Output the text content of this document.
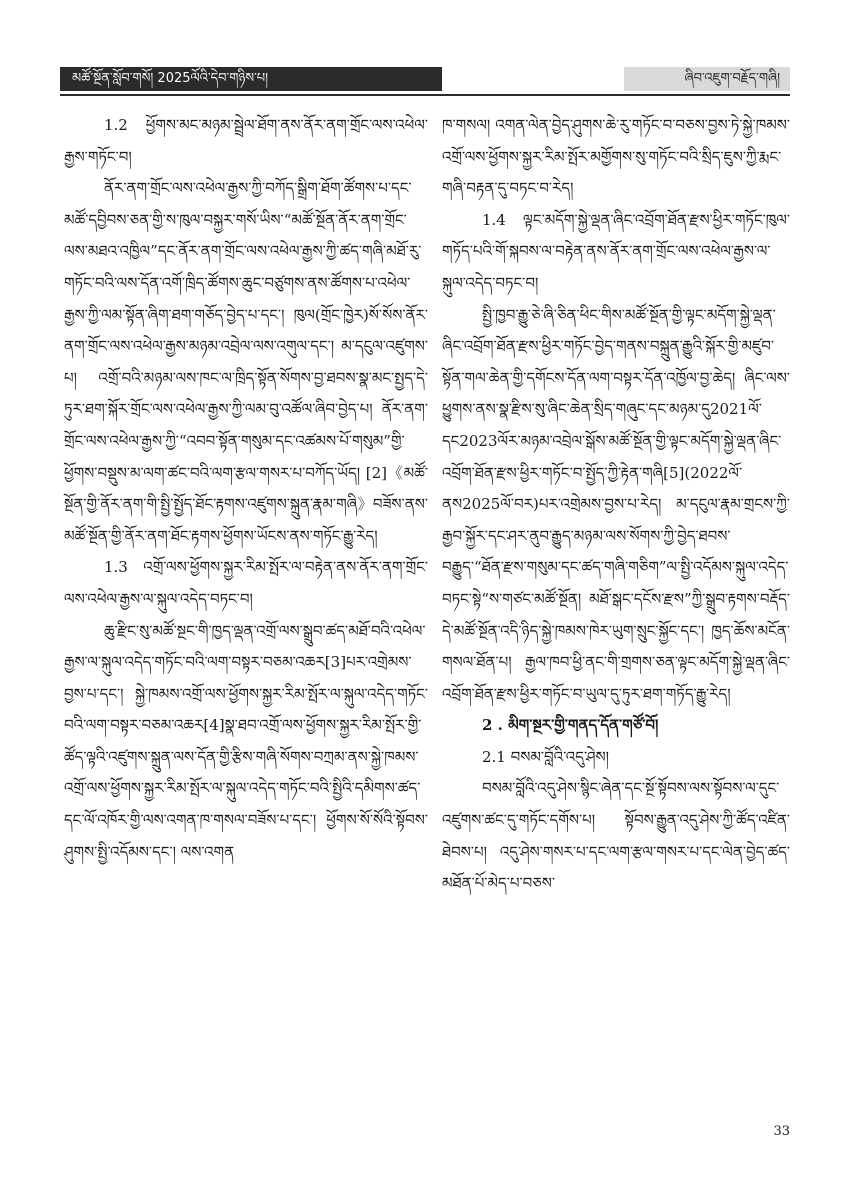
མཚོ་སྔོན་སློབ་གསོ། 2025ལོའི་དེབ་གཉིས་པ།	ཞིབ་འཇུག་བརྗོད་གཞི།

1.2 ཕྱོགས་མང་མཉམ་སྦྲེལ་ཐོག་ནས་ནོར་ནག་གྲོང་ལས་འཕེལ་རྒྱས་གཏོང་བ།

ནོར་ནག་གྲོང་ལས་འཕེལ་རྒྱས་ཀྱི་བཀོད་སྒྲིག་ཐོག་ཚོགས་པ་དང་མཚོ་དབྱིབས་ཅན་གྱི་ས་ཁུལ་བསྐྱར་གསོ་ཡིས་“མཚོ་སྔོན་ནོར་ནག་གྲོང་ལས་མཐའ་འཁྱིལ”དང་ནོར་ནག་གྲོང་ལས་འཕེལ་རྒྱས་ཀྱི་ཚད་གཞི་མཐོ་རུ་གཏོང་བའི་ལས་དོན་འགོ་ཁྲིད་ཚོགས་ཆུང་བཙུགས་ནས་ཚོགས་པ་འཕེལ་རྒྱས་ཀྱི་ལམ་སྟོན་ཞིག་ཐག་གཅོད་བྱེད་པ་དང་། ཁུལ(གྲོང་ཁྱེར)སོ་སོས་ནོར་ནག་གྲོང་ལས་འཕེལ་རྒྱས་མཉམ་འབྲེལ་ལས་འགུལ་དང་། མ་དངུལ་འཛུགས་པ། འགྲོ་བའི་མཉམ་ལས་ཁང་ལ་ཁྲིད་སྟོན་སོགས་བྱ་ཐབས་སྣ་མང་སྤྱད་དེ་ཏུར་ཐག་སྐོར་གྲོང་ལས་འཕེལ་རྒྱས་ཀྱི་ལམ་བུ་འཚོལ་ཞིབ་བྱེད་པ། ནོར་ནག་གྲོང་ལས་འཕེལ་རྒྱས་ཀྱི་“འབབ་སྟོན་གསུམ་དང་འཚམས་པོ་གསུམ”གྱི་ཕྱོགས་བསྡུས་མ་ལག་ཚང་བའི་ལག་རྩལ་གསར་པ་བཀོད་ཡོད། [2]《མཚོ་སྔོན་གྱི་ནོར་ནག་གི་སྤྱི་སྤྱོད་ཐོང་རྟགས་འཛུགས་སྐྲུན་རྣམ་གཞི》བཟོས་ནས་མཚོ་སྔོན་གྱི་ནོར་ནག་ཐོང་རྟགས་ཕྱོགས་ཡོངས་ནས་གཏོང་རྒྱུ་རེད།

1.3 འགྲོ་ལས་ཕྱོགས་སྐྱར་རིམ་སྤོར་ལ་བརྟེན་ནས་ནོར་ནག་གྲོང་ལས་འཕེལ་རྒྱས་ལ་སྐུལ་འདེད་བཏང་བ།

ཆུ་རྫིང་སུ་མཚོ་སྔང་གི་ཁྱད་ལྡན་འགྲོ་ལས་སྒྲུབ་ཚད་མཐོ་བའི་འཕེལ་རྒྱས་ལ་སྐུལ་འདེད་གཏོང་བའི་ལག་བསྟར་བཅམ་འཆར[3]པར་འགྲེམས་བྱས་པ་དང་། སྐྱེ་ཁམས་འགྲོ་ལས་ཕྱོགས་སྐྱར་རིམ་སྤོར་ལ་སྐུལ་འདེད་གཏོང་བའི་ལག་བསྟར་བཅམ་འཆར[4]སྣ་ཐབ་འགྲོ་ལས་ཕྱོགས་སྐྱར་རིམ་སྤོར་གྱི་ཚོད་ལྟའི་འཛུགས་སྐྲུན་ལས་དོན་གྱི་རྩིས་གཞི་སོགས་བཀྲམ་ནས་སྐྱེ་ཁམས་འགྲོ་ལས་ཕྱོགས་སྐྱར་རིམ་སྤོར་ལ་སྐུལ་འདེད་གཏོང་བའི་སྤྱིའི་དམིགས་ཚད་དང་ལོ་འཁོར་གྱི་ལས་འགན་ཁ་གསལ་བཟོས་པ་དང་། ཕྱོགས་སོ་སོའི་སྟོབས་ཤུགས་སྤྱི་འདོམས་དང་། ལས་འགན

ཁ་གསལ། འགན་ལེན་བྱེད་ཤུགས་ཆེ་རུ་གཏོང་བ་བཅས་བྱས་ཏེ་སྐྱེ་ཁམས་འགྲོ་ལས་ཕྱོགས་སྐྱར་རིམ་སྤོར་མགྱོགས་སུ་གཏོང་བའི་སྲིད་ཇུས་ཀྱི་རྨང་གཞི་བརྟན་དུ་བཏང་བ་རེད།

1.4 ལྟང་མདོག་སྐྱེ་ལྡན་ཞིང་འབྲོག་ཐོན་རྫས་ཕྱིར་གཏོང་ཁུལ་གཏོད་པའི་གོ་སྐབས་ལ་བརྟེན་ནས་ནོར་ནག་གྲོང་ལས་འཕེལ་རྒྱས་ལ་སྐུལ་འདེད་བཏང་བ།

སྤྱི་ཁྱབ་རྒྱུ་ཅེ་ཞི་ཅིན་ཕིང་གིས་མཚོ་སྔོན་གྱི་ལྟང་མདོག་སྐྱེ་ལྡན་ཞིང་འབྲོག་ཐོན་རྫས་ཕྱིར་གཏོང་བྱེད་གནས་བསྐྲུན་རྒྱུའི་སྐོར་གྱི་མཛུབ་སྟོན་གལ་ཆེན་གྱི་དགོངས་དོན་ལག་བསྟར་དོན་འཁྱོལ་བྱ་ཆེད། ཞིང་ལས་ཕྱུགས་ནས་སྣ་རྫིས་སུ་ཞིང་ཆེན་སྲིད་གཞུང་དང་མཉམ་དུ2021ལོ་དང2023ལོར་མཉམ་འབྲེལ་སྒོས་མཚོ་སྔོན་གྱི་ལྟང་མདོག་སྐྱེ་ལྡན་ཞིང་འབྲོག་ཐོན་རྫས་ཕྱིར་གཏོང་བ་སྤྱོད་ཀྱི་རྟེན་གཞི[5](2022ལོ་ནས2025ལོ་བར)པར་འགྲེམས་བྱས་པ་རེད། མ་དངུལ་རྣམ་གྲངས་ཀྱི་རྒྱབ་སྐྱོར་དང་ཤར་ནུབ་རྒྱུད་མཉམ་ལས་སོགས་ཀྱི་བྱེད་ཐབས་བརྒྱུད་“ཐོན་རྫས་གསུམ་དང་ཚད་གཞི་གཅིག”ལ་སྤྱི་འདོམས་སྐུལ་འདེད་བཏང་སྟེ“ས་གཙང་མཚོ་སྔོན། མཐོ་སྒང་དངོས་རྫས”ཀྱི་སྒྲུབ་རྟགས་བརྡོད་དེ་མཚོ་སྔོན་འདི་ཉིད་སྐྱེ་ཁམས་ཁེར་ཡུག་སྲུང་སྐྱོང་དང་། ཁྱད་ཆོས་མངོན་གསལ་ཐོན་པ། རྒྱལ་ཁབ་ཕྱི་ནང་གི་གྲགས་ཅན་ལྟང་མདོག་སྐྱེ་ལྡན་ཞིང་འབྲོག་ཐོན་རྫས་ཕྱིར་གཏོང་བ་ཡུལ་དུ་ཏུར་ཐག་གཏོད་རྒྱུ་རེད།

2 . མིག་སྔར་གྱི་གནད་དོན་གཙོ་བོ།

2.1 བསམ་བློའི་འདུ་ཤེས།

བསམ་བློའི་འདུ་ཤེས་སྙིང་ཞེན་དང་སྔོ་སྟོབས་ལས་སྟོབས་ལ་དུང་འཛུགས་ཚང་དུ་གཏོང་དགོས་པ། སྟོབས་རྒྱུན་འདུ་ཤེས་ཀྱི་ཚོད་འཛིན་ཐེབས་པ། འདུ་ཤེས་གསར་པ་དང་ལག་རྩལ་གསར་པ་དང་ལེན་བྱེད་ཚད་མཐོན་པོ་མེད་པ་བཅས་

33
